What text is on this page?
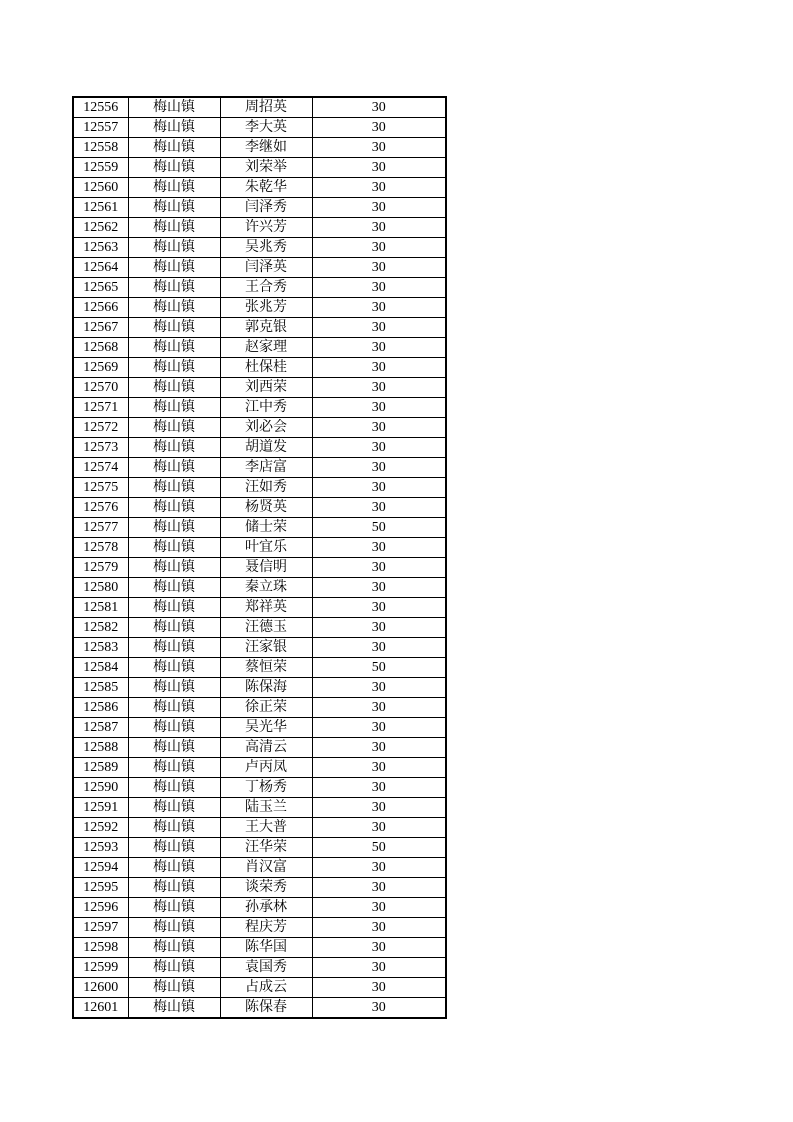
12556	梅山镇	周招英	30
12557	梅山镇	李大英	30
12558	梅山镇	李继如	30
12559	梅山镇	刘荣举	30
12560	梅山镇	朱乾华	30
12561	梅山镇	闫泽秀	30
12562	梅山镇	许兴芳	30
12563	梅山镇	吴兆秀	30
12564	梅山镇	闫泽英	30
12565	梅山镇	王合秀	30
12566	梅山镇	张兆芳	30
12567	梅山镇	郭克银	30
12568	梅山镇	赵家理	30
12569	梅山镇	杜保桂	30
12570	梅山镇	刘西荣	30
12571	梅山镇	江中秀	30
12572	梅山镇	刘必会	30
12573	梅山镇	胡道发	30
12574	梅山镇	李店富	30
12575	梅山镇	汪如秀	30
12576	梅山镇	杨贤英	30
12577	梅山镇	储士荣	50
12578	梅山镇	叶宜乐	30
12579	梅山镇	聂信明	30
12580	梅山镇	秦立珠	30
12581	梅山镇	郑祥英	30
12582	梅山镇	汪德玉	30
12583	梅山镇	汪家银	30
12584	梅山镇	蔡恒荣	50
12585	梅山镇	陈保海	30
12586	梅山镇	徐正荣	30
12587	梅山镇	吴光华	30
12588	梅山镇	高清云	30
12589	梅山镇	卢丙凤	30
12590	梅山镇	丁杨秀	30
12591	梅山镇	陆玉兰	30
12592	梅山镇	王大普	30
12593	梅山镇	汪华荣	50
12594	梅山镇	肖汉富	30
12595	梅山镇	谈荣秀	30
12596	梅山镇	孙承林	30
12597	梅山镇	程庆芳	30
12598	梅山镇	陈华国	30
12599	梅山镇	袁国秀	30
12600	梅山镇	占成云	30
12601	梅山镇	陈保春	30
